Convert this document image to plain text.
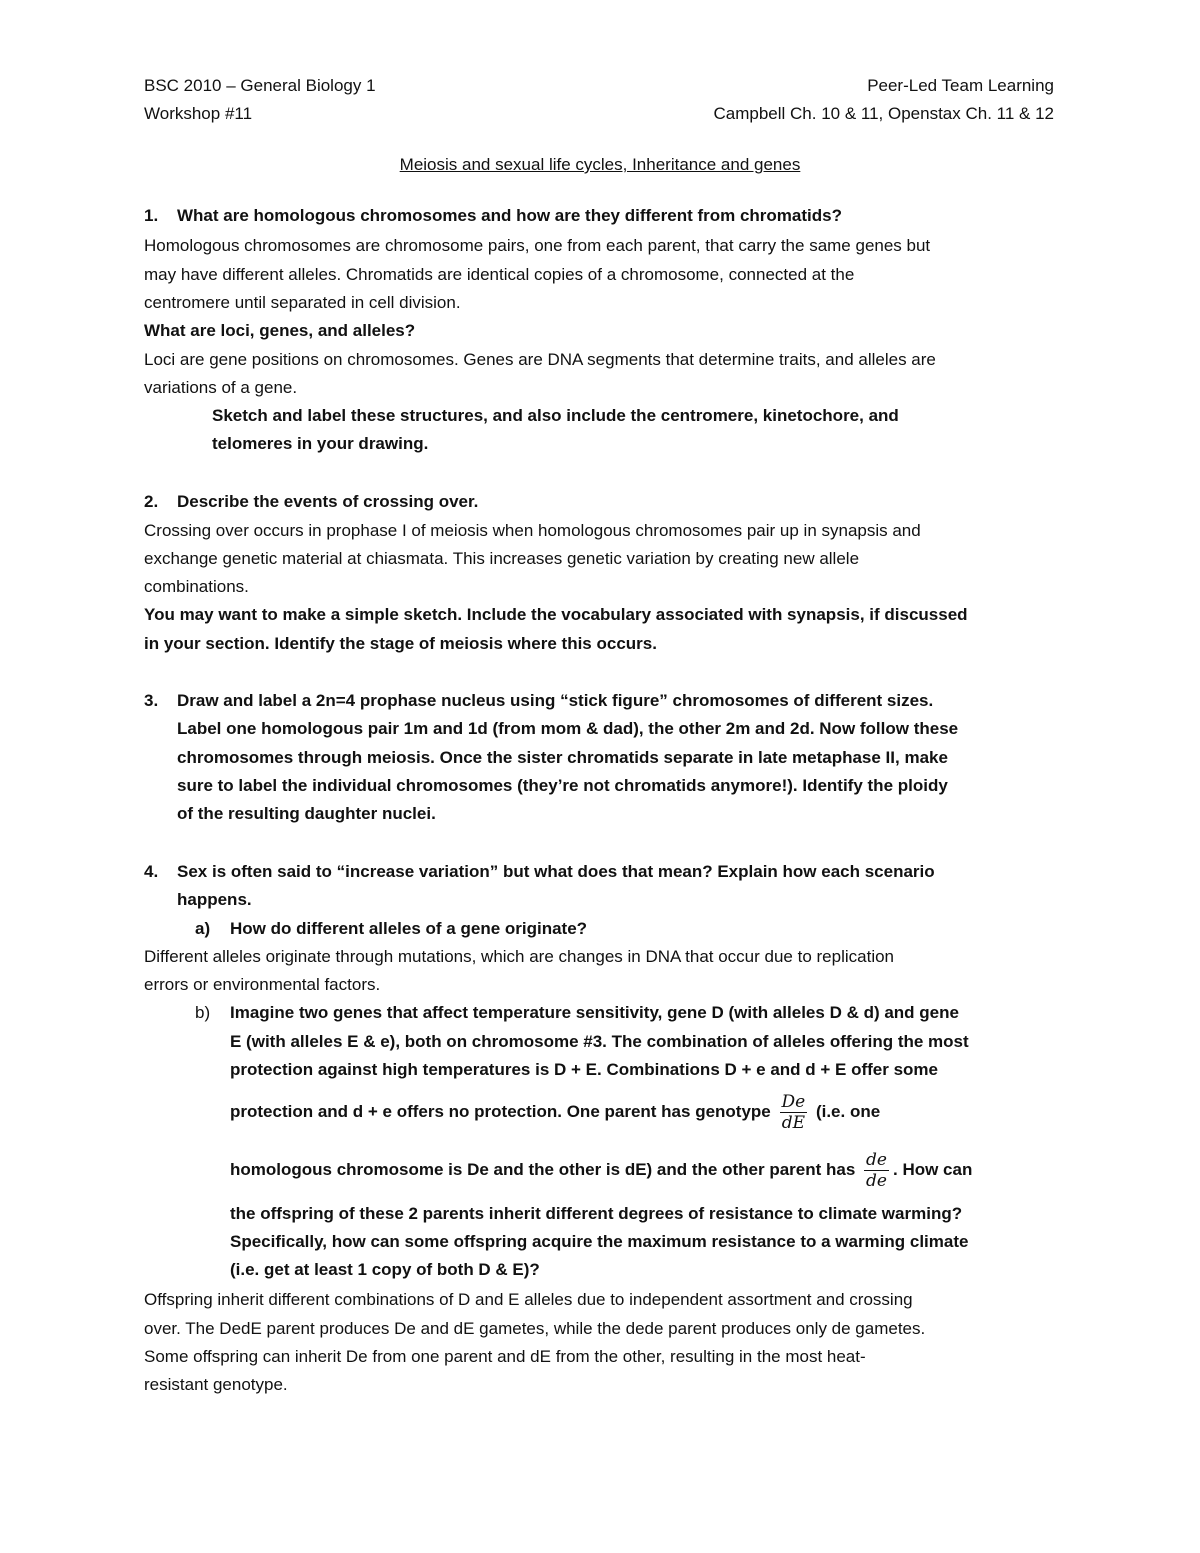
BSC 2010 – General Biology 1	Peer-Led Team Learning
Workshop #11	Campbell Ch. 10 & 11, Openstax Ch. 11 & 12
Meiosis and sexual life cycles, Inheritance and genes
1. What are homologous chromosomes and how are they different from chromatids?
Homologous chromosomes are chromosome pairs, one from each parent, that carry the same genes but
may have different alleles. Chromatids are identical copies of a chromosome, connected at the
centromere until separated in cell division.
What are loci, genes, and alleles?
Loci are gene positions on chromosomes. Genes are DNA segments that determine traits, and alleles are
variations of a gene.
Sketch and label these structures, and also include the centromere, kinetochore, and
telomeres in your drawing.
2. Describe the events of crossing over.
Crossing over occurs in prophase I of meiosis when homologous chromosomes pair up in synapsis and
exchange genetic material at chiasmata. This increases genetic variation by creating new allele
combinations.
You may want to make a simple sketch. Include the vocabulary associated with synapsis, if discussed
in your section. Identify the stage of meiosis where this occurs.
3. Draw and label a 2n=4 prophase nucleus using “stick figure” chromosomes of different sizes.
Label one homologous pair 1m and 1d (from mom & dad), the other 2m and 2d. Now follow these
chromosomes through meiosis. Once the sister chromatids separate in late metaphase II, make
sure to label the individual chromosomes (they’re not chromatids anymore!). Identify the ploidy
of the resulting daughter nuclei.
4. Sex is often said to “increase variation” but what does that mean? Explain how each scenario
happens.
a) How do different alleles of a gene originate?
Different alleles originate through mutations, which are changes in DNA that occur due to replication
errors or environmental factors.
b) Imagine two genes that affect temperature sensitivity, gene D (with alleles D & d) and gene
E (with alleles E & e), both on chromosome #3. The combination of alleles offering the most
protection against high temperatures is D + E. Combinations D + e and d + E offer some
protection and d + e offers no protection. One parent has genotype $\frac{De}{dE} (i.e$. one
homologous chromosome is De and the other is dE) and the other parent has $\frac{de}{de}$ . How can
the offspring of these 2 parents inherit different degrees of resistance to climate warming?
Specifically, how can some offspring acquire the maximum resistance to a warming climate
(i.e. get at least 1 copy of both D & E)?
Offspring inherit different combinations of D and E alleles due to independent assortment and crossing
over. The DedE parent produces De and dE gametes, while the dede parent produces only de gametes.
Some offspring can inherit De from one parent and dE from the other, resulting in the most heat-
resistant genotype.
